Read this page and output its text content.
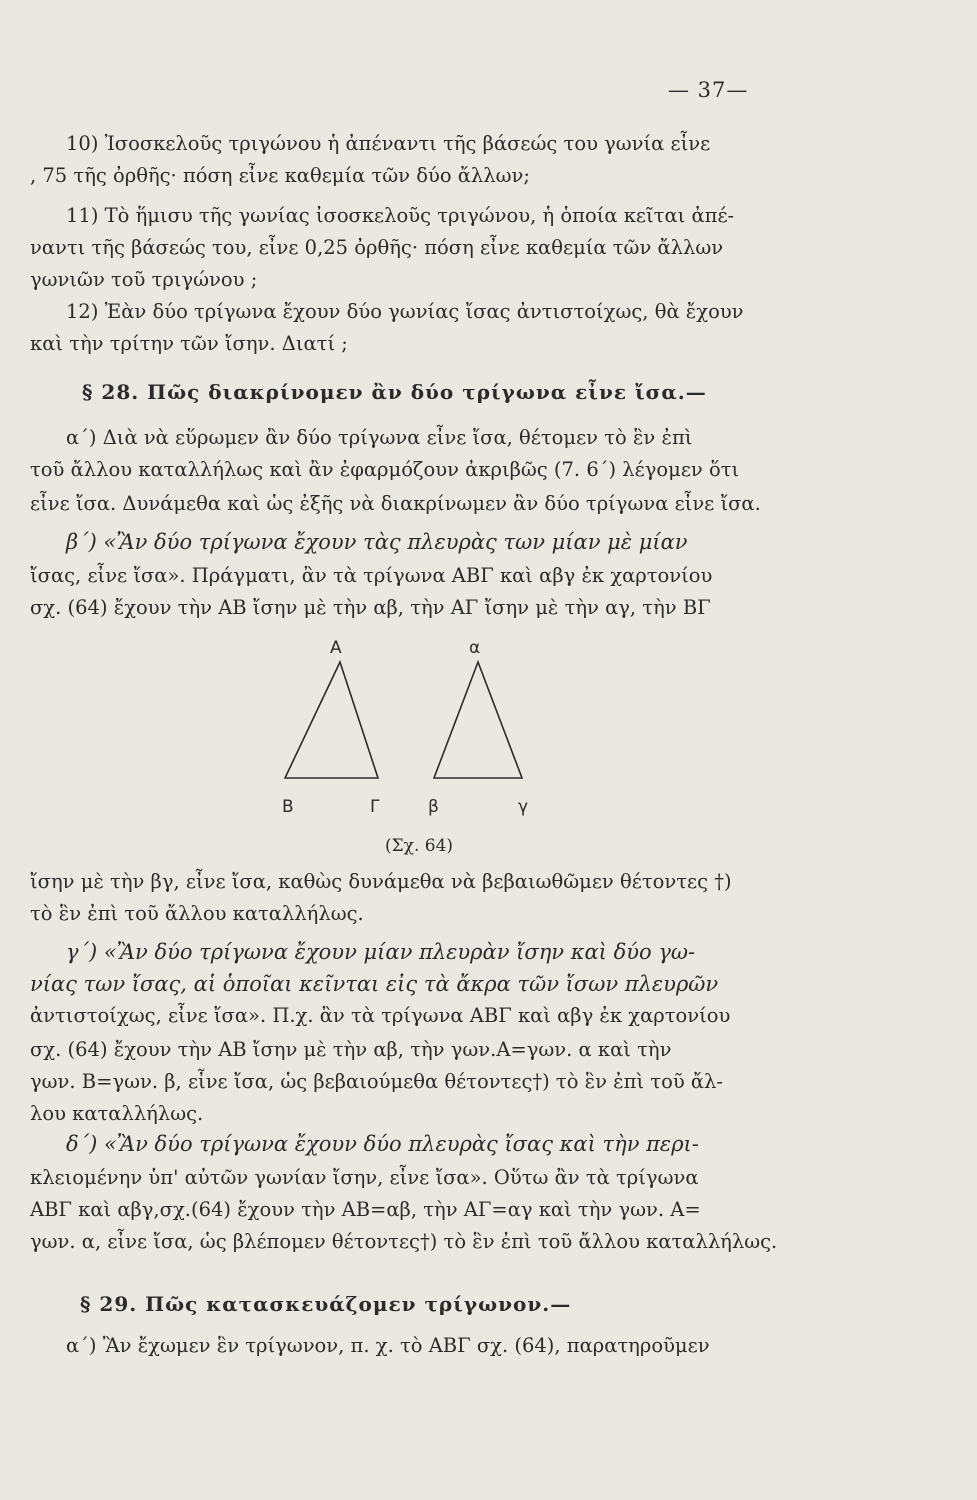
— 37—
10) Ἰσοσκελοῦς τριγώνου ἡ ἀπέναντι τῆς βάσεώς του γωνία εἶνε
, 75 τῆς ὀρθῆς· πόση εἶνε καθεμία τῶν δύο ἄλλων;
11) Τὸ ἥμισυ τῆς γωνίας ἰσοσκελοῦς τριγώνου, ἡ ὁποία κεῖται ἀπέ-
ναντι τῆς βάσεώς του, εἶνε 0,25 ὀρθῆς· πόση εἶνε καθεμία τῶν ἄλλων
γωνιῶν τοῦ τριγώνου ;
12) Ἐὰν δύο τρίγωνα ἔχουν δύο γωνίας ἴσας ἀντιστοίχως, θὰ ἔχουν
καὶ τὴν τρίτην τῶν ἴσην. Διατί ;
§ 28. Πῶς διακρίνομεν ἂν δύο τρίγωνα εἶνε ἴσα.—
α΄) Διὰ νὰ εὕρωμεν ἂν δύο τρίγωνα εἶνε ἴσα, θέτομεν τὸ ἓν ἐπὶ
τοῦ ἄλλου καταλλήλως καὶ ἂν ἐφαρμόζουν ἀκριβῶς (7. 6΄) λέγομεν ὅτι
εἶνε ἴσα. Δυνάμεθα καὶ ὡς ἐξῆς νὰ διακρίνωμεν ἂν δύο τρίγωνα εἶνε ἴσα.
β΄) «Ἂν δύο τρίγωνα ἔχουν τὰς πλευρὰς των μίαν μὲ μίαν
ἴσας, εἶνε ἴσα». Πράγματι, ἂν τὰ τρίγωνα ΑΒΓ καὶ αβγ ἐκ χαρτονίου
σχ. (64) ἔχουν τὴν ΑΒ ἴσην μὲ τὴν αβ, τὴν ΑΓ ἴσην μὲ τὴν αγ, τὴν ΒΓ
A	α
B	Γ	β	γ
(Σχ. 64)
ἴσην μὲ τὴν βγ, εἶνε ἴσα, καθὼς δυνάμεθα νὰ βεβαιωθῶμεν θέτοντες †)
τὸ ἓν ἐπὶ τοῦ ἄλλου καταλλήλως.
γ΄) «Ἂν δύο τρίγωνα ἔχουν μίαν πλευρὰν ἴσην καὶ δύο γω-
νίας των ἴσας, αἱ ὁποῖαι κεῖνται εἰς τὰ ἄκρα τῶν ἴσων πλευρῶν
ἀντιστοίχως, εἶνε ἴσα». Π.χ. ἂν τὰ τρίγωνα ΑΒΓ καὶ αβγ ἐκ χαρτονίου
σχ. (64) ἔχουν τὴν ΑΒ ἴσην μὲ τὴν αβ, τὴν γων.Α=γων. α καὶ τὴν
γων. Β=γων. β, εἶνε ἴσα, ὡς βεβαιούμεθα θέτοντες†) τὸ ἓν ἐπὶ τοῦ ἄλ-
λου καταλλήλως.
δ΄) «Ἂν δύο τρίγωνα ἔχουν δύο πλευρὰς ἴσας καὶ τὴν περι-
κλειομένην ὑπ' αὐτῶν γωνίαν ἴσην, εἶνε ἴσα». Οὕτω ἂν τὰ τρίγωνα
ΑΒΓ καὶ αβγ,σχ.(64) ἔχουν τὴν ΑΒ=αβ, τὴν ΑΓ=αγ καὶ τὴν γων. Α=
γων. α, εἶνε ἴσα, ὡς βλέπομεν θέτοντες†) τὸ ἓν ἐπὶ τοῦ ἄλλου καταλλήλως.
§ 29. Πῶς κατασκευάζομεν τρίγωνον.—
α΄) Ἂν ἔχωμεν ἓν τρίγωνον, π. χ. τὸ ΑΒΓ σχ. (64), παρατηροῦμεν
